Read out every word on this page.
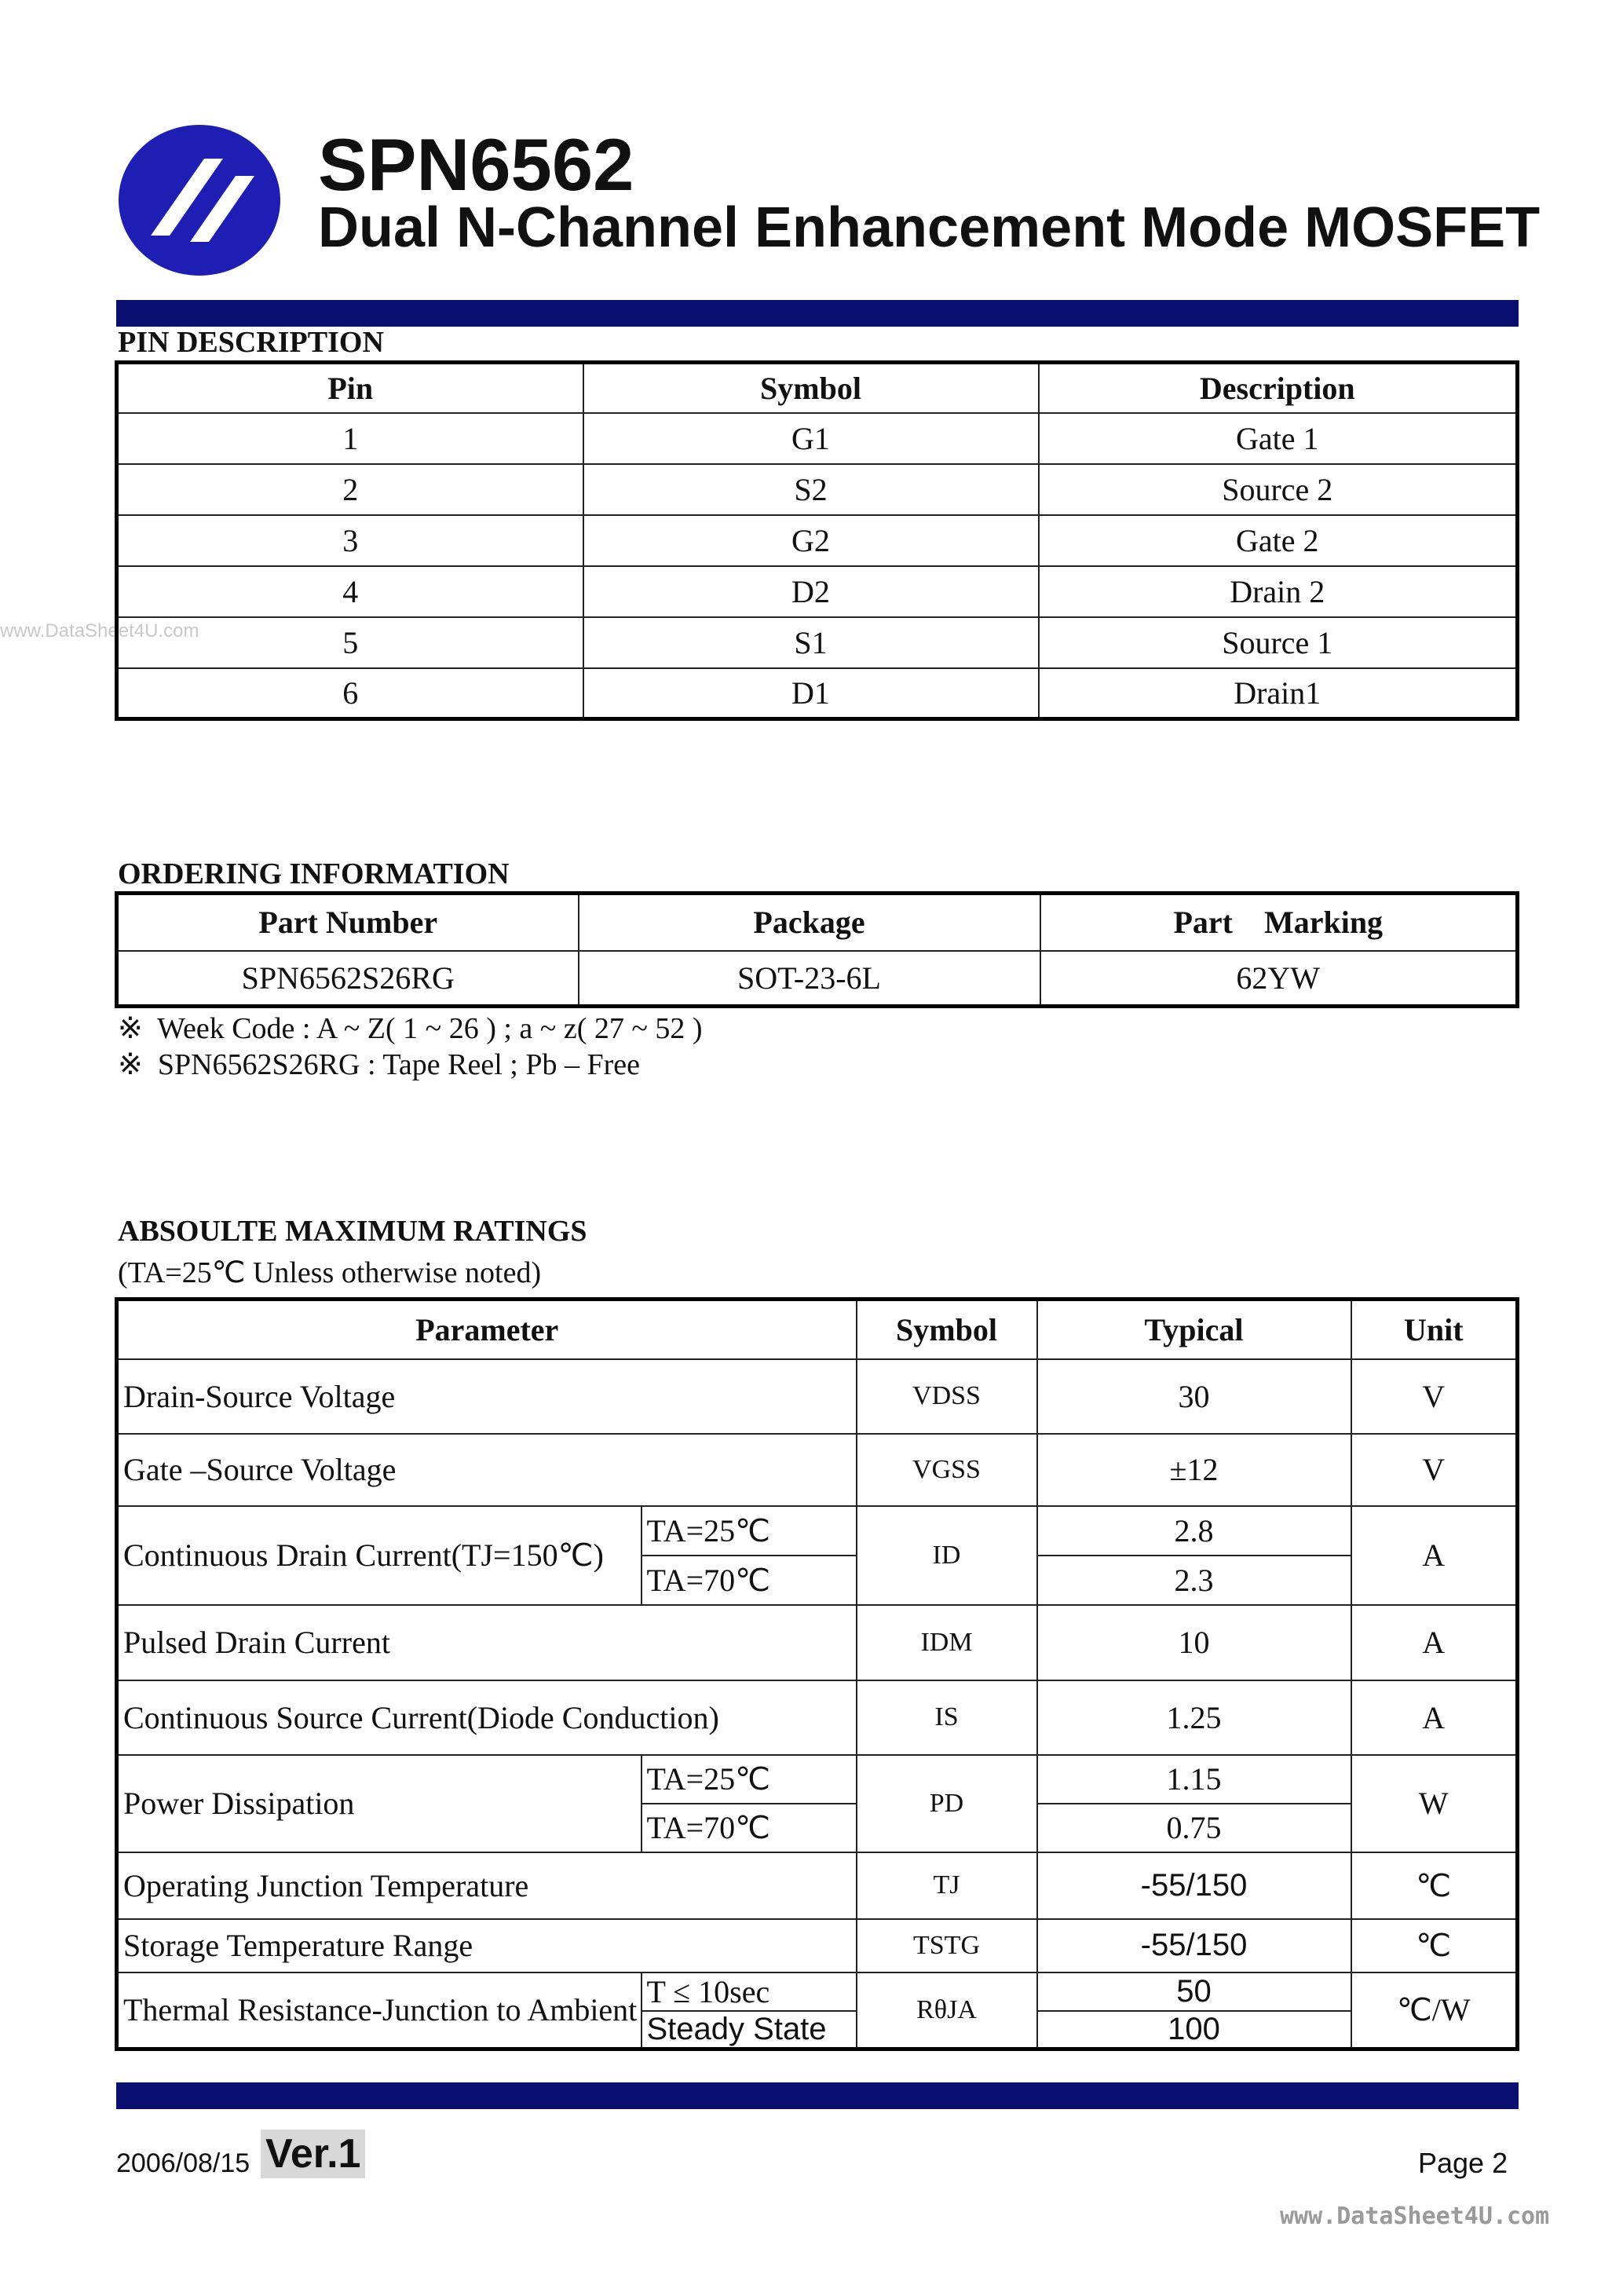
SPN6562
Dual N-Channel Enhancement Mode MOSFET
www.DataSheet4U.com
PIN DESCRIPTION
Pin	Symbol	Description
1	G1	Gate 1
2	S2	Source 2
3	G2	Gate 2
4	D2	Drain 2
5	S1	Source 1
6	D1	Drain1
ORDERING INFORMATION
Part Number	Package	Part    Marking
SPN6562S26RG	SOT-23-6L	62YW
※  Week Code : A ~ Z( 1 ~ 26 ) ; a ~ z( 27 ~ 52 )
※  SPN6562S26RG : Tape Reel ; Pb – Free
ABSOULTE MAXIMUM RATINGS
(TA=25℃ Unless otherwise noted)
Parameter		Symbol	Typical	Unit
Drain-Source Voltage		VDSS	30	V
Gate –Source Voltage		VGSS	±12	V
Continuous Drain Current(TJ=150℃)	TA=25℃	ID	2.8	A
	TA=70℃		2.3	
Pulsed Drain Current		IDM	10	A
Continuous Source Current(Diode Conduction)		IS	1.25	A
Power Dissipation	TA=25℃	PD	1.15	W
	TA=70℃		0.75	
Operating Junction Temperature		TJ	-55/150	℃
Storage Temperature Range		TSTG	-55/150	℃
Thermal Resistance-Junction to Ambient	T ≤ 10sec	RθJA	50	℃/W
	Steady State		100	
2006/08/15 Ver.1	Page 2
www.DataSheet4U.com
